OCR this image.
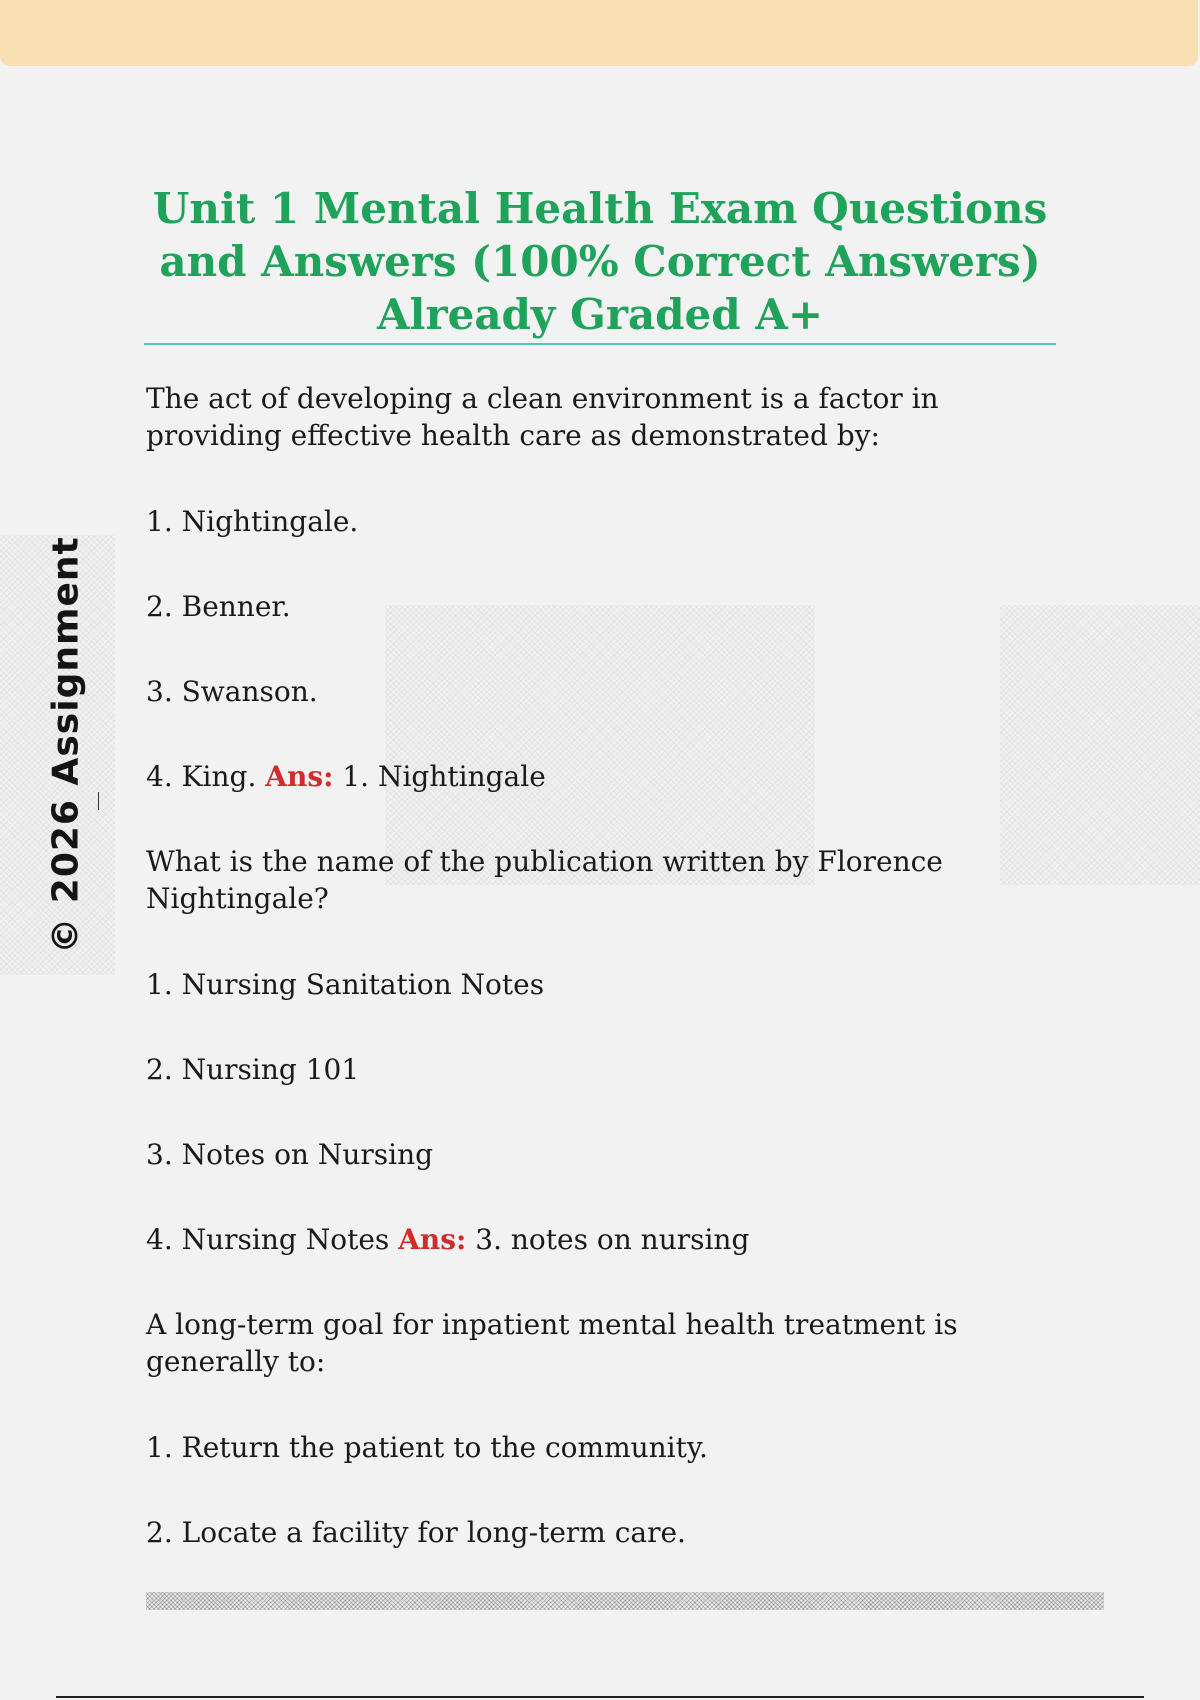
© 2026 Assignment
Unit 1 Mental Health Exam Questions and Answers (100% Correct Answers) Already Graded A+

The act of developing a clean environment is a factor in providing effective health care as demonstrated by:

1. Nightingale.

2. Benner.

3. Swanson.

4. King. Ans: 1. Nightingale

What is the name of the publication written by Florence Nightingale?

1. Nursing Sanitation Notes

2. Nursing 101

3. Notes on Nursing

4. Nursing Notes Ans: 3. notes on nursing

A long-term goal for inpatient mental health treatment is generally to:

1. Return the patient to the community.

2. Locate a facility for long-term care.
